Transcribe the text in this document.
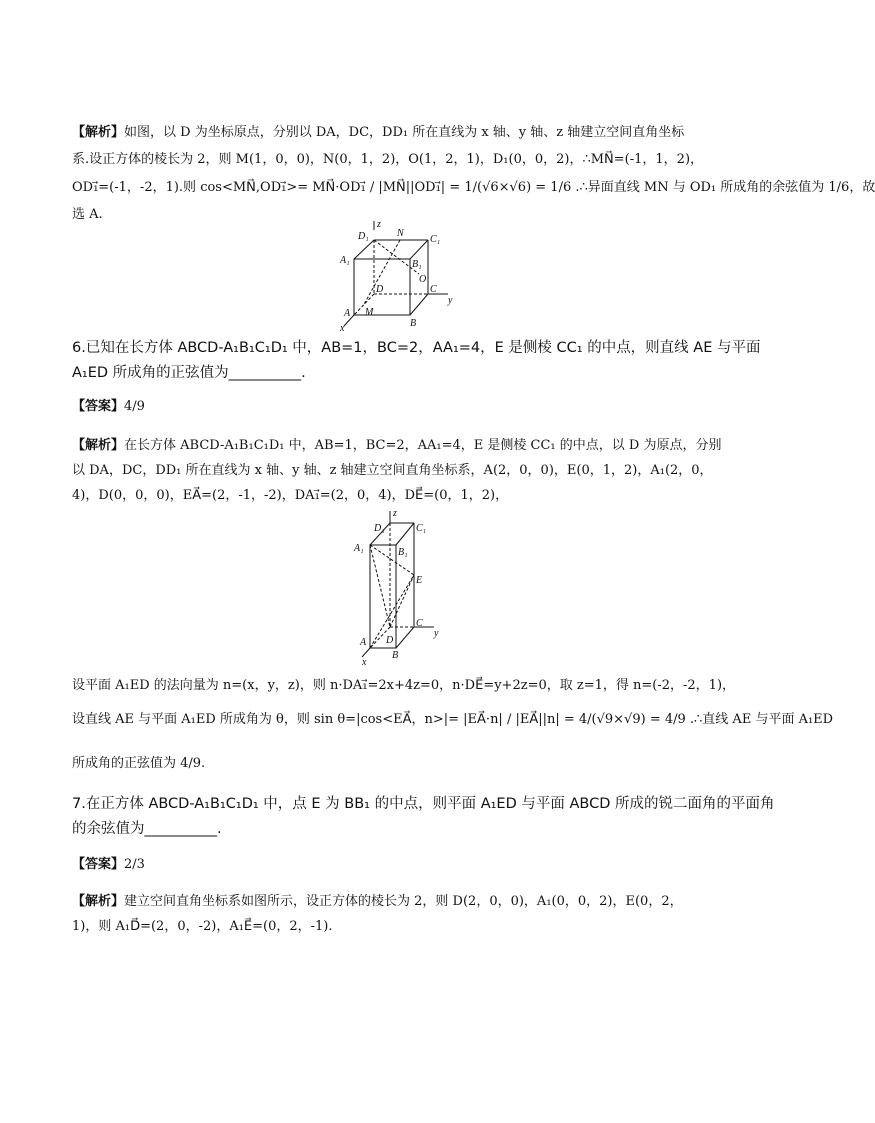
【解析】如图，以 D 为坐标原点，分别以 DA，DC，DD₁ 所在直线为 x 轴、y 轴、z 轴建立空间直角坐标
系.设正方体的棱长为 2，则 M(1，0，0)，N(0，1，2)，O(1，2，1)，D₁(0，0，2)，∴MN⃗=(-1，1，2)，
OD₁⃗=(-1，-2，1).则 cos<MN⃗,OD₁⃗>= MN⃗·OD₁⃗ / |MN⃗||OD₁⃗| = 1/(√6×√6) = 1/6 .∴异面直线 MN 与 OD₁ 所成角的余弦值为 1/6，故
选 A.
z
D₁	N
C₁
A₁	B₁
O
D	C
y
A M
B
x
6.已知在长方体 ABCD-A₁B₁C₁D₁ 中，AB=1，BC=2，AA₁=4，E 是侧棱 CC₁ 的中点，则直线 AE 与平面
A₁ED 所成角的正弦值为__________.
【答案】4/9
【解析】在长方体 ABCD-A₁B₁C₁D₁ 中，AB=1，BC=2，AA₁=4，E 是侧棱 CC₁ 的中点，以 D 为原点，分别
以 DA，DC，DD₁ 所在直线为 x 轴、y 轴、z 轴建立空间直角坐标系，A(2，0，0)，E(0，1，2)，A₁(2，0，
4)，D(0，0，0)，EA⃗=(2，-1，-2)，DA₁⃗=(2，0，4)，DE⃗=(0，1，2)，
z
D₁	C₁
A₁	B₁
E
C
y
A D
B
x
设平面 A₁ED 的法向量为 n=(x，y，z)，则 n·DA₁⃗=2x+4z=0，n·DE⃗=y+2z=0，取 z=1，得 n=(-2，-2，1)，
设直线 AE 与平面 A₁ED 所成角为 θ，则 sin θ=|cos<EA⃗，n>|= |EA⃗·n| / |EA⃗||n| = 4/(√9×√9) = 4/9 .∴直线 AE 与平面 A₁ED
所成角的正弦值为 4/9.
7.在正方体 ABCD-A₁B₁C₁D₁ 中，点 E 为 BB₁ 的中点，则平面 A₁ED 与平面 ABCD 所成的锐二面角的平面角
的余弦值为__________.
【答案】2/3
【解析】建立空间直角坐标系如图所示，设正方体的棱长为 2，则 D(2，0，0)，A₁(0，0，2)，E(0，2，
1)，则 A₁D⃗=(2，0，-2)，A₁E⃗=(0，2，-1).
